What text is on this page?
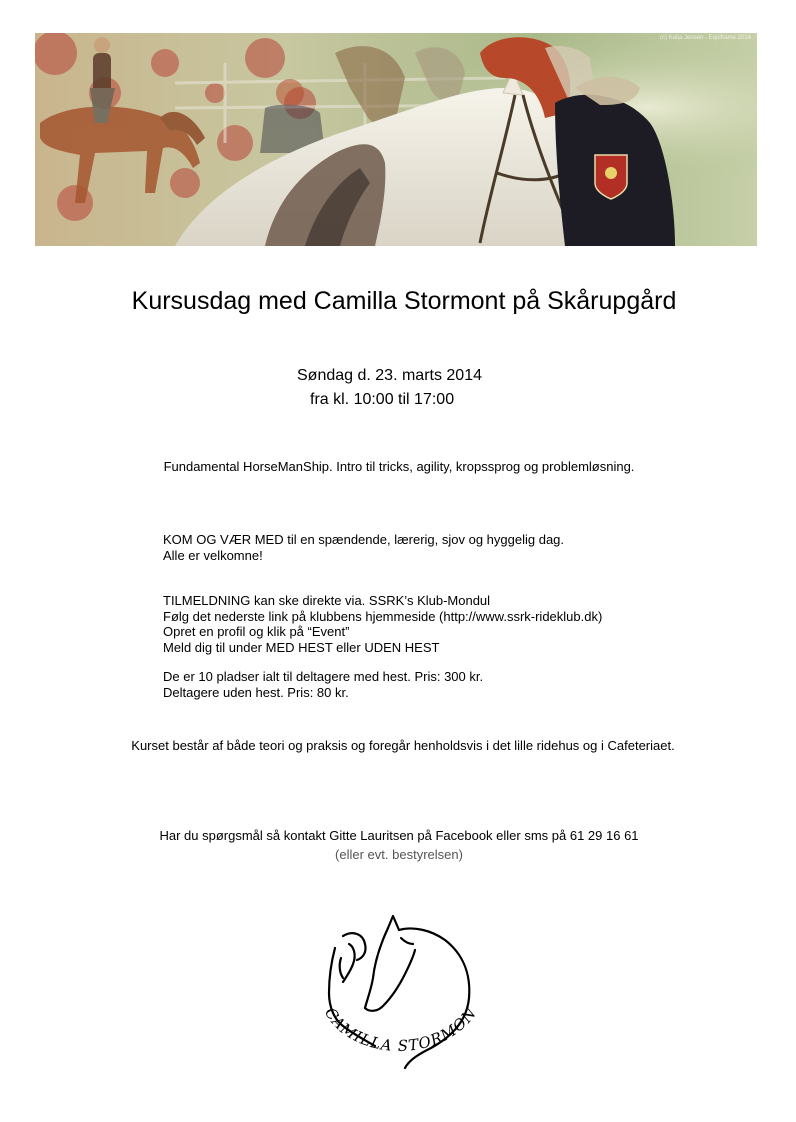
(c) Katja Jensen - Equiframe 2014
Kursusdag med Camilla Stormont på Skårupgård
Søndag d. 23. marts 2014
fra kl. 10:00 til 17:00
Fundamental HorseManShip. Intro til tricks, agility, kropssprog og problemløsning.
KOM OG VÆR MED til en spændende, lærerig, sjov og hyggelig dag.
Alle er velkomne!
TILMELDNING kan ske direkte via. SSRK’s Klub-Mondul
Følg det nederste link på klubbens hjemmeside (http://www.ssrk-rideklub.dk)
Opret en profil og klik på “Event”
Meld dig til under MED HEST eller UDEN HEST
De er 10 pladser ialt til deltagere med hest. Pris: 300 kr.
Deltagere uden hest. Pris: 80 kr.
Kurset består af både teori og praksis og foregår henholdsvis i det lille ridehus og i Cafeteriaet.
Har du spørgsmål så kontakt Gitte Lauritsen på Facebook eller sms på 61 29 16 61
(eller evt. bestyrelsen)
CAMILLA STORMON
